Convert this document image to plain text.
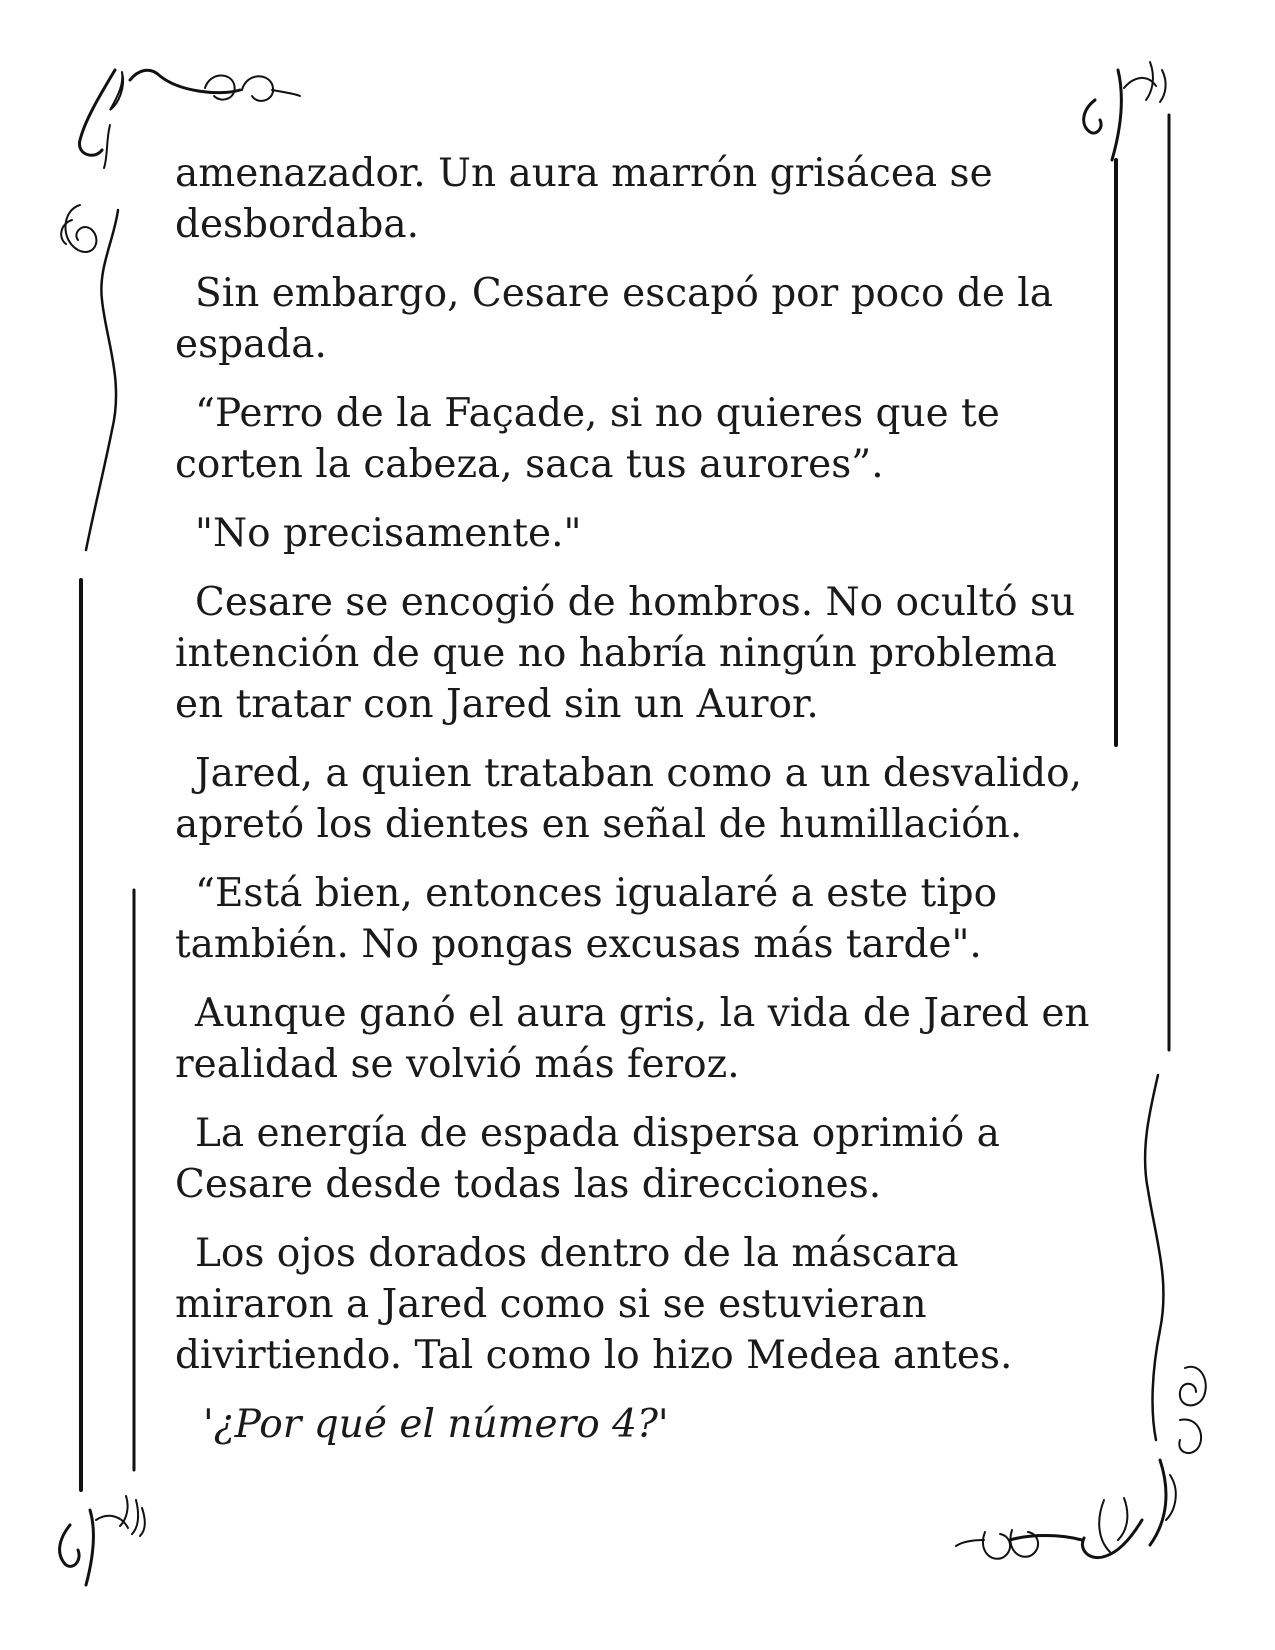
amenazador. Un aura marrón grisácea se
desbordaba.

Sin embargo, Cesare escapó por poco de la
espada.

“Perro de la Façade, si no quieres que te
corten la cabeza, saca tus aurores”.

"No precisamente."

Cesare se encogió de hombros. No ocultó su
intención de que no habría ningún problema
en tratar con Jared sin un Auror.

Jared, a quien trataban como a un desvalido,
apretó los dientes en señal de humillación.

“Está bien, entonces igualaré a este tipo
también. No pongas excusas más tarde".

Aunque ganó el aura gris, la vida de Jared en
realidad se volvió más feroz.

La energía de espada dispersa oprimió a
Cesare desde todas las direcciones.

Los ojos dorados dentro de la máscara
miraron a Jared como si se estuvieran
divirtiendo. Tal como lo hizo Medea antes.

'¿Por qué el número 4?'
